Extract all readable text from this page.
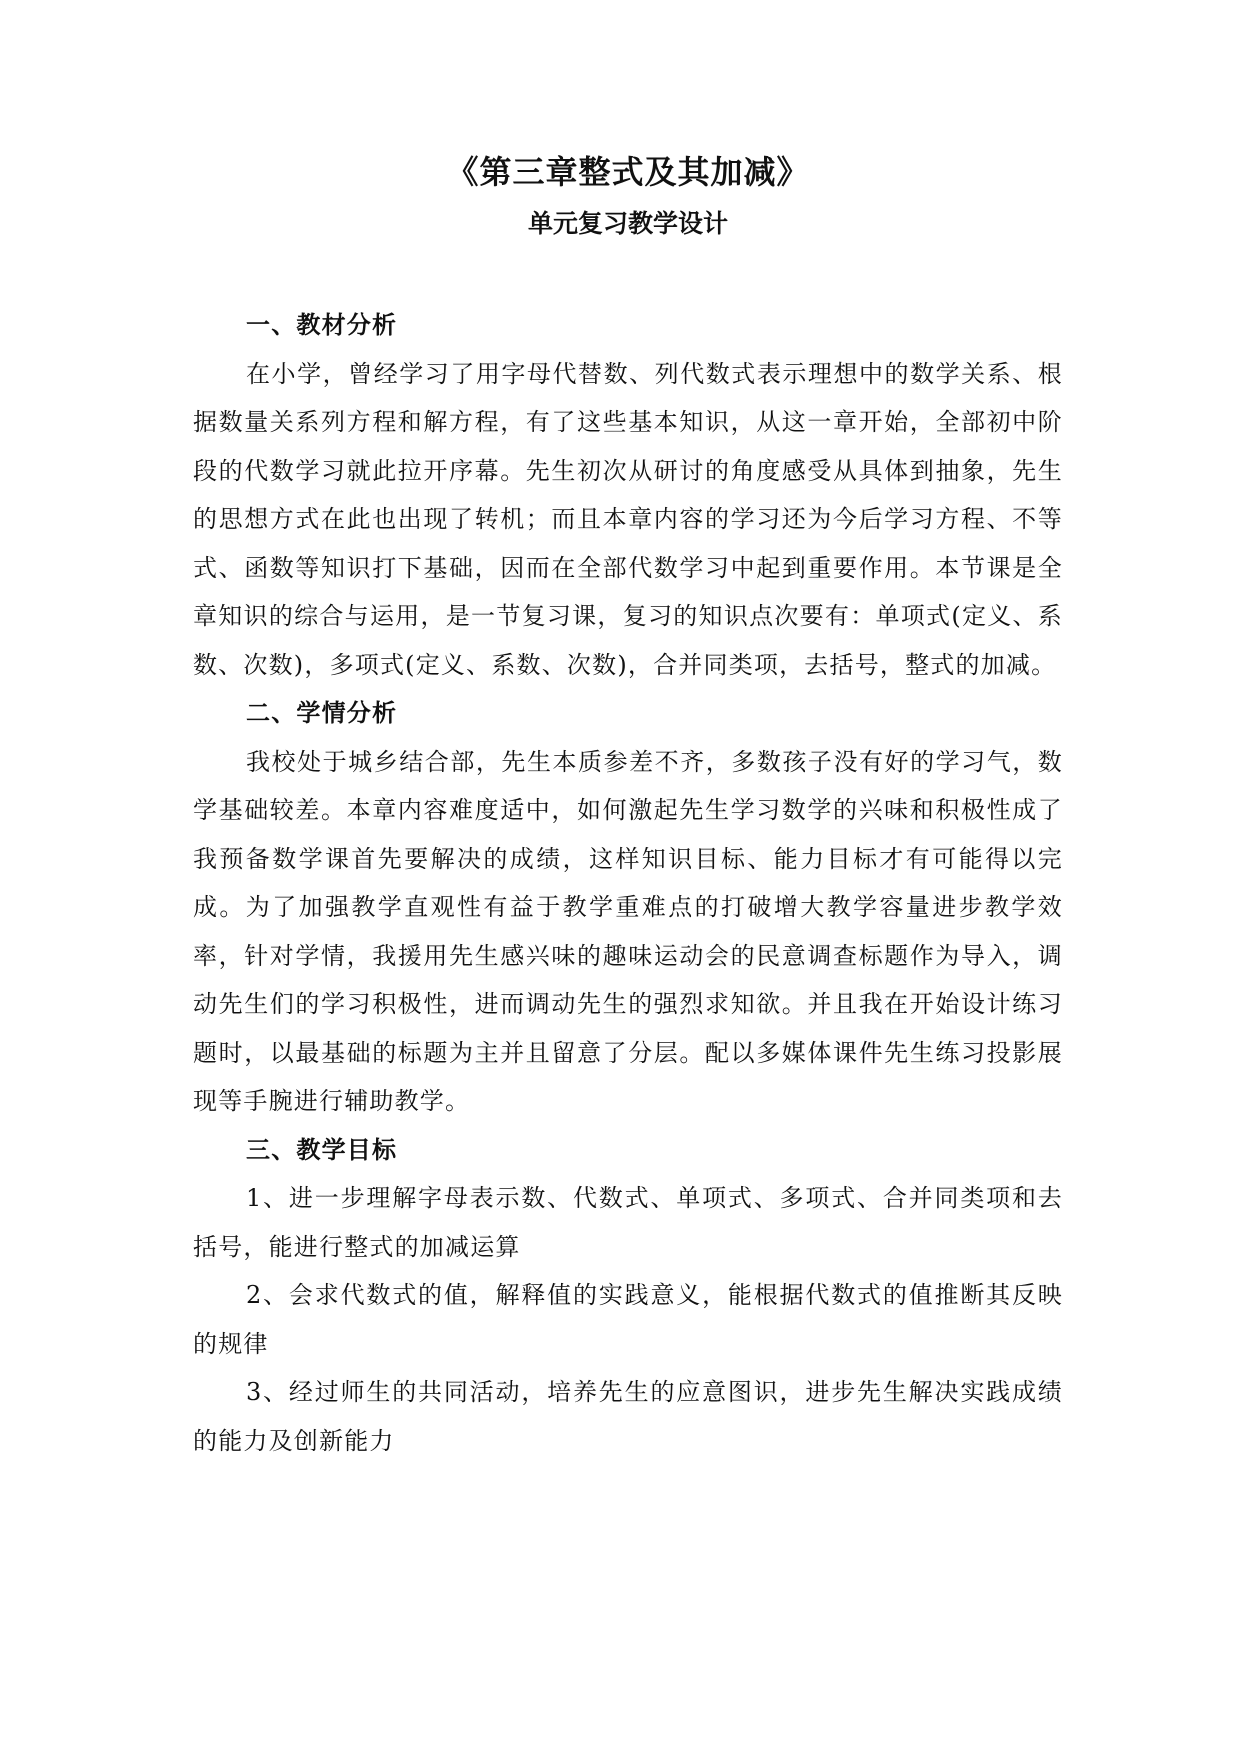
《第三章整式及其加减》
单元复习教学设计
一、教材分析

在小学，曾经学习了用字母代替数、列代数式表示理想中的数学关系、根据数量关系列方程和解方程，有了这些基本知识，从这一章开始，全部初中阶段的代数学习就此拉开序幕。先生初次从研讨的角度感受从具体到抽象，先生的思想方式在此也出现了转机；而且本章内容的学习还为今后学习方程、不等式、函数等知识打下基础，因而在全部代数学习中起到重要作用。本节课是全章知识的综合与运用，是一节复习课，复习的知识点次要有：单项式(定义、系数、次数)，多项式(定义、系数、次数)，合并同类项，去括号，整式的加减。

二、学情分析

我校处于城乡结合部，先生本质参差不齐，多数孩子没有好的学习气，数学基础较差。本章内容难度适中，如何激起先生学习数学的兴味和积极性成了我预备数学课首先要解决的成绩，这样知识目标、能力目标才有可能得以完成。为了加强教学直观性有益于教学重难点的打破增大教学容量进步教学效率，针对学情，我援用先生感兴味的趣味运动会的民意调查标题作为导入，调动先生们的学习积极性，进而调动先生的强烈求知欲。并且我在开始设计练习题时，以最基础的标题为主并且留意了分层。配以多媒体课件先生练习投影展现等手腕进行辅助教学。

三、教学目标

1、进一步理解字母表示数、代数式、单项式、多项式、合并同类项和去括号，能进行整式的加减运算

2、会求代数式的值，解释值的实践意义，能根据代数式的值推断其反映的规律

3、经过师生的共同活动，培养先生的应意图识，进步先生解决实践成绩的能力及创新能力
